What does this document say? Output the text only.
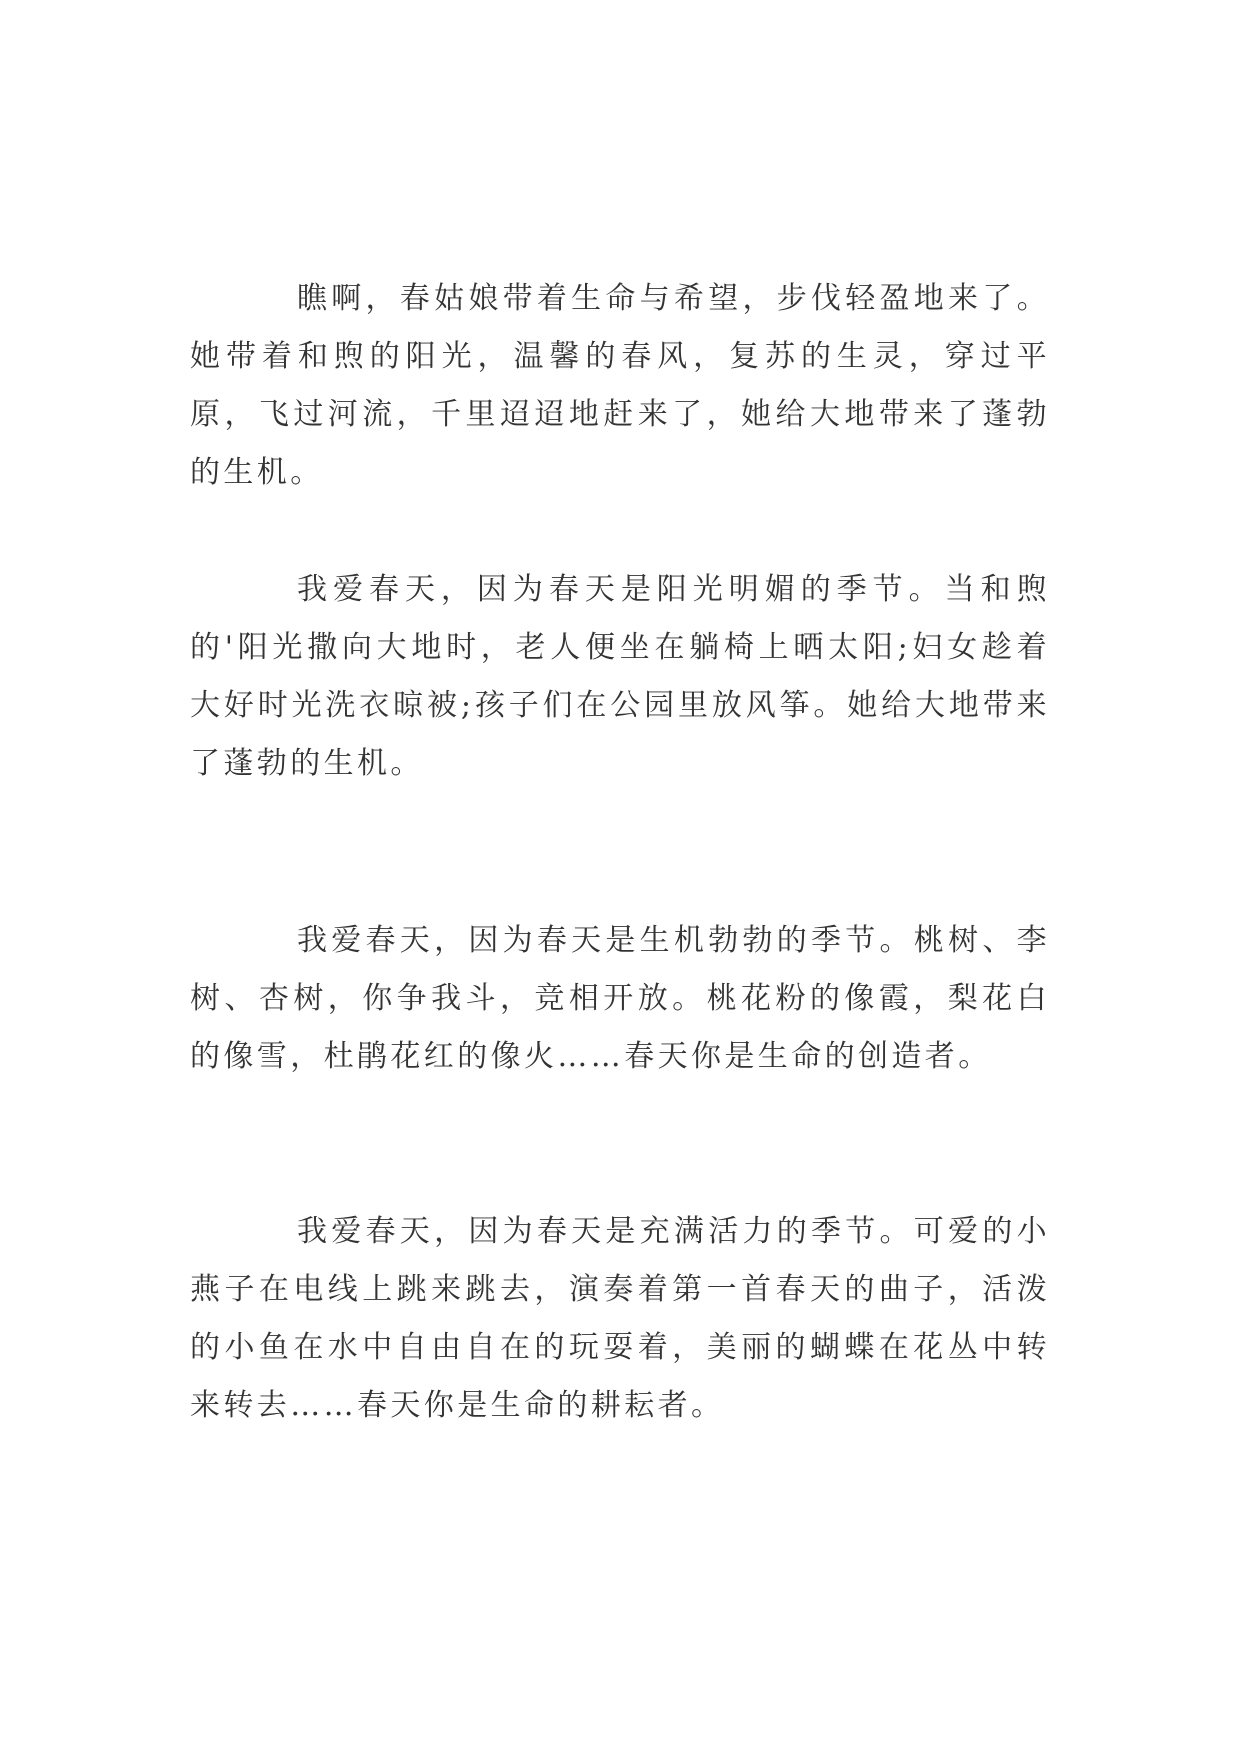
瞧啊，春姑娘带着生命与希望，步伐轻盈地来了。她带着和煦的阳光，温馨的春风，复苏的生灵，穿过平原，飞过河流，千里迢迢地赶来了，她给大地带来了蓬勃的生机。

我爱春天，因为春天是阳光明媚的季节。当和煦的'阳光撒向大地时，老人便坐在躺椅上晒太阳;妇女趁着大好时光洗衣晾被;孩子们在公园里放风筝。她给大地带来了蓬勃的生机。

我爱春天，因为春天是生机勃勃的季节。桃树、李树、杏树，你争我斗，竞相开放。桃花粉的像霞，梨花白的像雪，杜鹃花红的像火……春天你是生命的创造者。

我爱春天，因为春天是充满活力的季节。可爱的小燕子在电线上跳来跳去，演奏着第一首春天的曲子，活泼的小鱼在水中自由自在的玩耍着，美丽的蝴蝶在花丛中转来转去……春天你是生命的耕耘者。
